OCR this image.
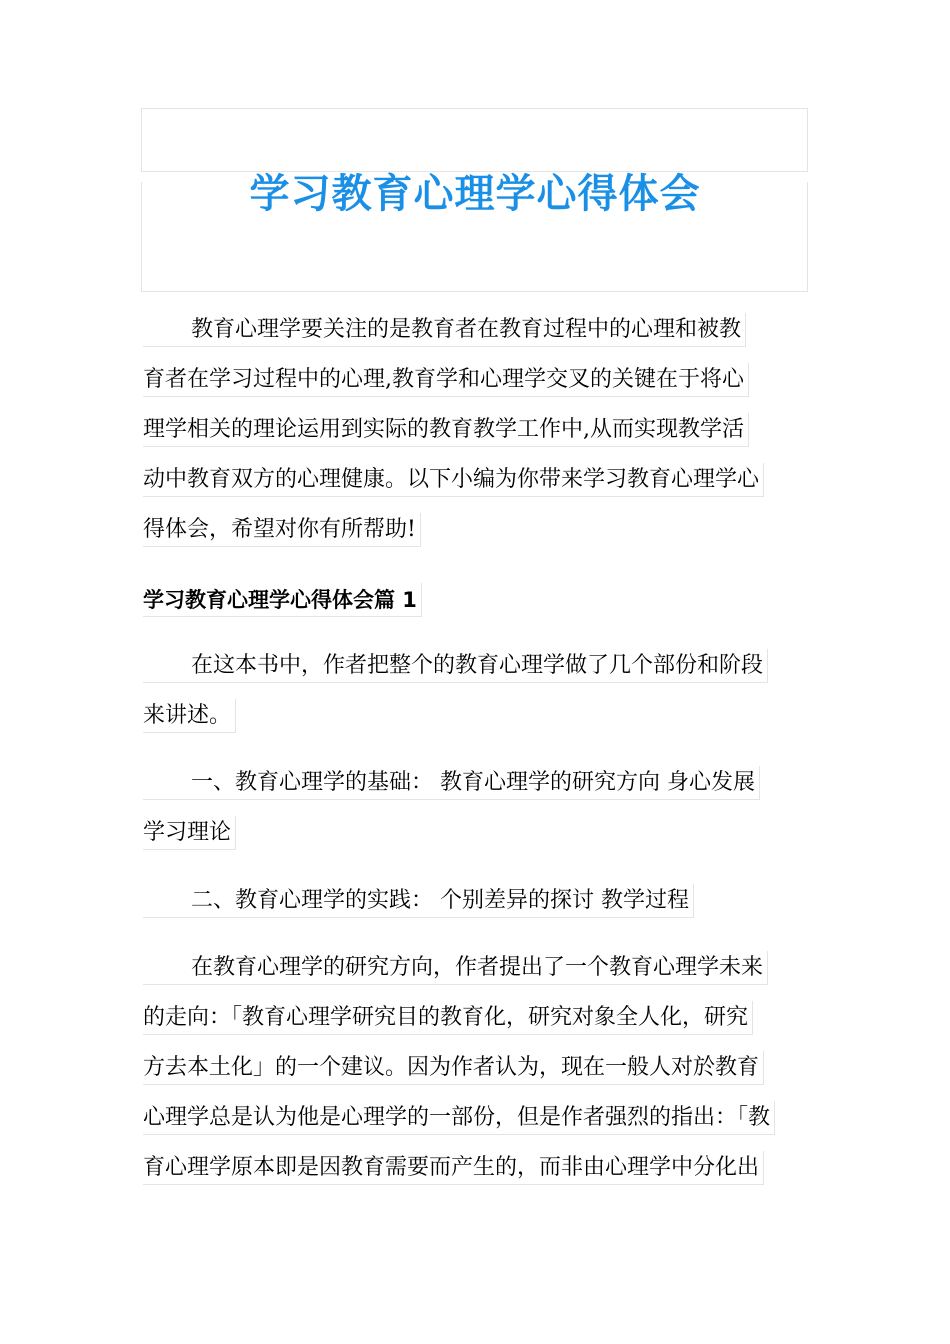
学习教育心理学心得体会
教育心理学要关注的是教育者在教育过程中的心理和被教
育者在学习过程中的心理,教育学和心理学交叉的关键在于将心
理学相关的理论运用到实际的教育教学工作中,从而实现教学活
动中教育双方的心理健康。以下小编为你带来学习教育心理学心
得体会，希望对你有所帮助!
学习教育心理学心得体会篇 1
在这本书中，作者把整个的教育心理学做了几个部份和阶段
来讲述。
一、教育心理学的基础： 教育心理学的研究方向 身心发展
学习理论
二、教育心理学的实践： 个别差异的探讨 教学过程
在教育心理学的研究方向，作者提出了一个教育心理学未来
的走向：「教育心理学研究目的教育化，研究对象全人化，研究
方去本土化」的一个建议。因为作者认为，现在一般人对於教育
心理学总是认为他是心理学的一部份，但是作者强烈的指出：「教
育心理学原本即是因教育需要而产生的，而非由心理学中分化出
